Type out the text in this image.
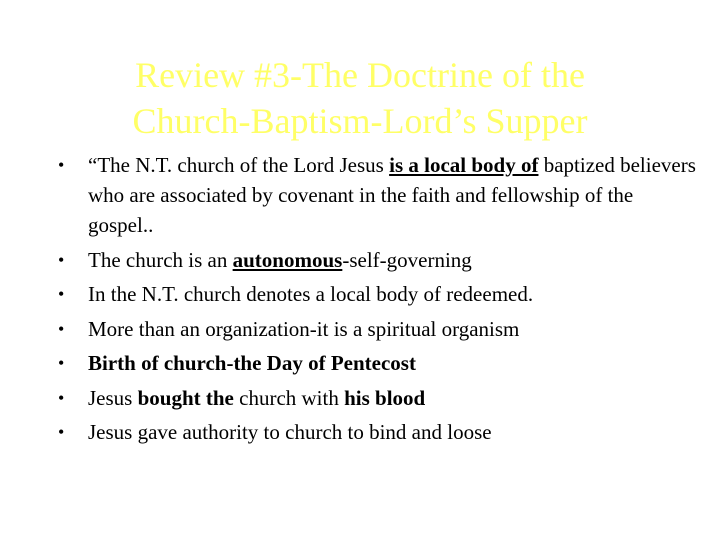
Review #3-The Doctrine of the
Church-Baptism-Lord’s Supper
• “The N.T. church of the Lord Jesus is a local body of baptized believers who are associated by covenant in the faith and fellowship of the gospel..
• The church is an autonomous-self-governing
• In the N.T. church denotes a local body of redeemed.
• More than an organization-it is a spiritual organism
• Birth of church-the Day of Pentecost
• Jesus bought the church with his blood
• Jesus gave authority to church to bind and loose
